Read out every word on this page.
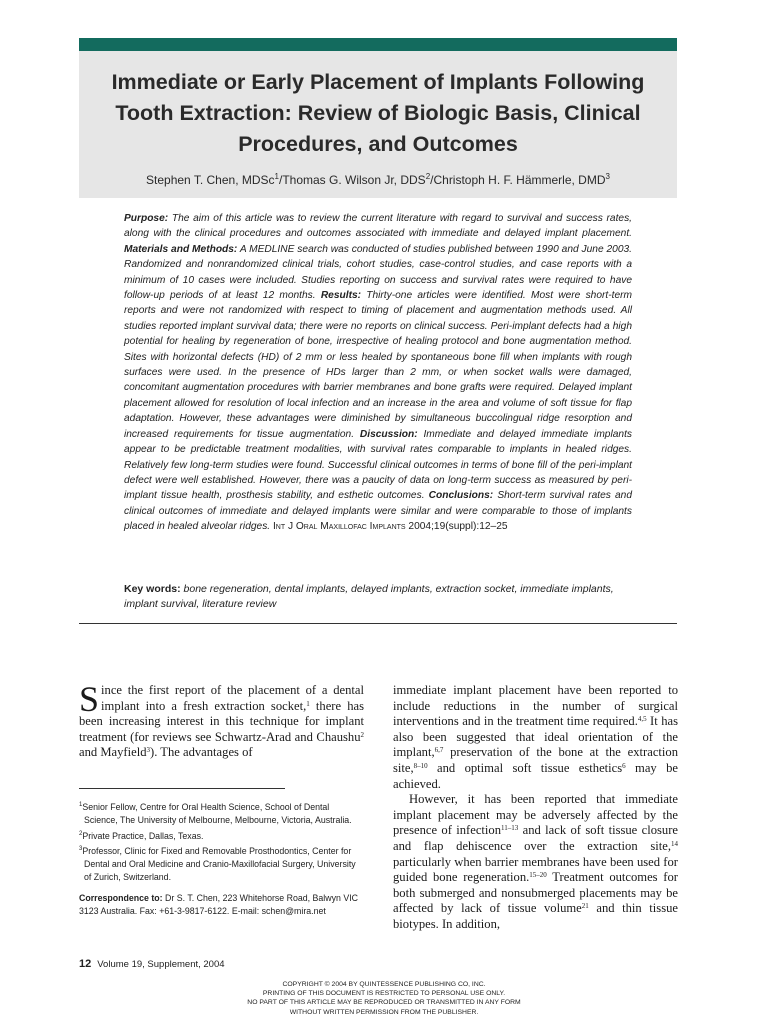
Immediate or Early Placement of Implants Following
Tooth Extraction: Review of Biologic Basis, Clinical
Procedures, and Outcomes
Stephen T. Chen, MDSc$^1$/Thomas G. Wilson Jr, DDS$^2$/Christoph H. F. Hämmerle, DMD$^3$
Purpose: The aim of this article was to review the current literature with regard to survival and success rates, along with the clinical procedures and outcomes associated with immediate and delayed implant placement. Materials and Methods: A MEDLINE search was conducted of studies published between 1990 and June 2003. Randomized and nonrandomized clinical trials, cohort studies, case-control studies, and case reports with a minimum of 10 cases were included. Studies reporting on success and survival rates were required to have follow-up periods of at least 12 months. Results: Thirty-one articles were identified. Most were short-term reports and were not randomized with respect to timing of placement and augmentation methods used. All studies reported implant survival data; there were no reports on clinical success. Peri-implant defects had a high potential for healing by regeneration of bone, irrespective of healing protocol and bone augmentation method. Sites with horizontal defects (HD) of 2 mm or less healed by spontaneous bone fill when implants with rough surfaces were used. In the presence of HDs larger than 2 mm, or when socket walls were damaged, concomitant augmentation procedures with barrier membranes and bone grafts were required. Delayed implant placement allowed for resolution of local infection and an increase in the area and volume of soft tissue for flap adaptation. However, these advantages were diminished by simultaneous buccolingual ridge resorption and increased requirements for tissue augmentation. Discussion: Immediate and delayed immediate implants appear to be predictable treatment modalities, with survival rates comparable to implants in healed ridges. Relatively few long-term studies were found. Successful clinical outcomes in terms of bone fill of the peri-implant defect were well established. However, there was a paucity of data on long-term success as measured by peri-implant tissue health, prosthesis stability, and esthetic outcomes. Conclusions: Short-term survival rates and clinical outcomes of immediate and delayed implants were similar and were comparable to those of implants placed in healed alveolar ridges. Int J Oral Maxillofac Implants 2004;19(suppl):12–25
Key words: bone regeneration, dental implants, delayed implants, extraction socket, immediate implants, implant survival, literature review
Since the first report of the placement of a dental implant into a fresh extraction socket,$^1$ there has been increasing interest in this technique for implant treatment (for reviews see Schwartz-Arad and Chaushu$^2$ and Mayfield$^3$). The advantages of
$^1$Senior Fellow, Centre for Oral Health Science, School of Dental Science, The University of Melbourne, Melbourne, Victoria, Australia.
$^2$Private Practice, Dallas, Texas.
$^3$Professor, Clinic for Fixed and Removable Prosthodontics, Center for Dental and Oral Medicine and Cranio-Maxillofacial Surgery, University of Zurich, Switzerland.
Correspondence to: Dr S. T. Chen, 223 Whitehorse Road, Balwyn VIC 3123 Australia. Fax: +61-3-9817-6122. E-mail: schen@mira.net
immediate implant placement have been reported to include reductions in the number of surgical interventions and in the treatment time required.$^{4,5}$ It has also been suggested that ideal orientation of the implant,$^{6,7}$ preservation of the bone at the extraction site,$^{8-10}$ and optimal soft tissue esthetics$^6$ may be achieved.
However, it has been reported that immediate implant placement may be adversely affected by the presence of infection$^{11-13}$ and lack of soft tissue closure and flap dehiscence over the extraction site,$^{14}$ particularly when barrier membranes have been used for guided bone regeneration.$^{15-20}$ Treatment outcomes for both submerged and nonsubmerged placements may be affected by lack of tissue volume$^{21}$ and thin tissue biotypes. In addition,
12 Volume 19, Supplement, 2004
COPYRIGHT © 2004 BY QUINTESSENCE PUBLISHING CO, INC.
PRINTING OF THIS DOCUMENT IS RESTRICTED TO PERSONAL USE ONLY.
NO PART OF THIS ARTICLE MAY BE REPRODUCED OR TRANSMITTED IN ANY FORM
WITHOUT WRITTEN PERMISSION FROM THE PUBLISHER.
